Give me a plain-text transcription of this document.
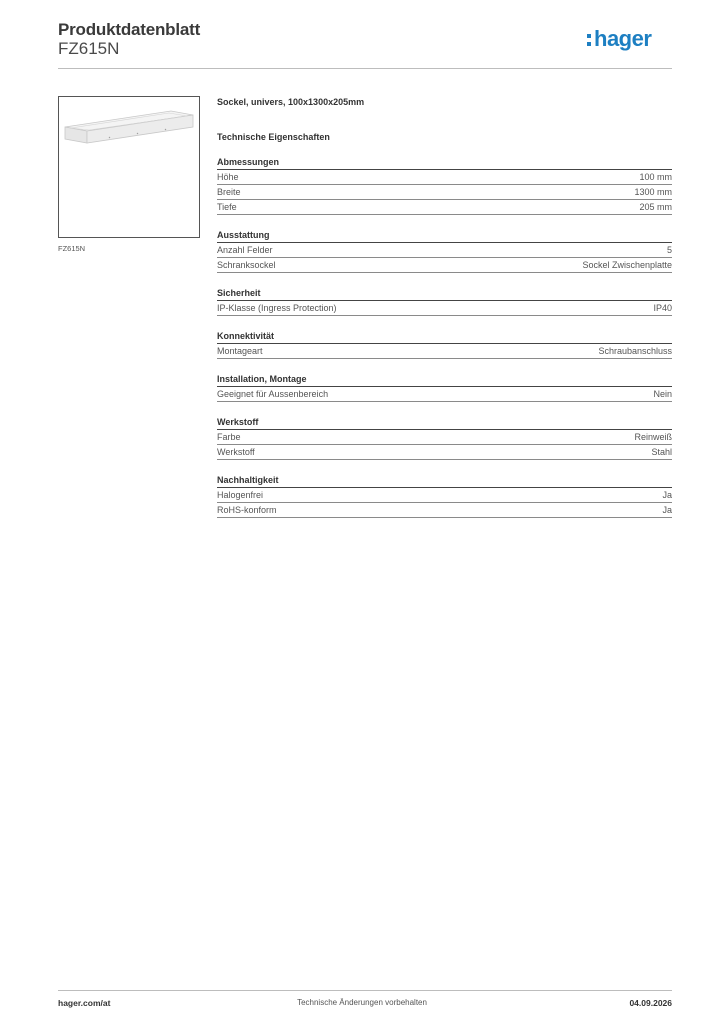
Produktdatenblatt
FZ615N	hager
FZ615N
Sockel, univers, 100x1300x205mm
Technische Eigenschaften
Abmessungen
Höhe	100 mm
Breite	1300 mm
Tiefe	205 mm
Ausstattung
Anzahl Felder	5
Schranksockel	Sockel Zwischenplatte
Sicherheit
IP-Klasse (Ingress Protection)	IP40
Konnektivität
Montageart	Schraubanschluss
Installation, Montage
Geeignet für Aussenbereich	Nein
Werkstoff
Farbe	Reinweiß
Werkstoff	Stahl
Nachhaltigkeit
Halogenfrei	Ja
RoHS-konform	Ja
hager.com/at	Technische Änderungen vorbehalten	04.09.2026
